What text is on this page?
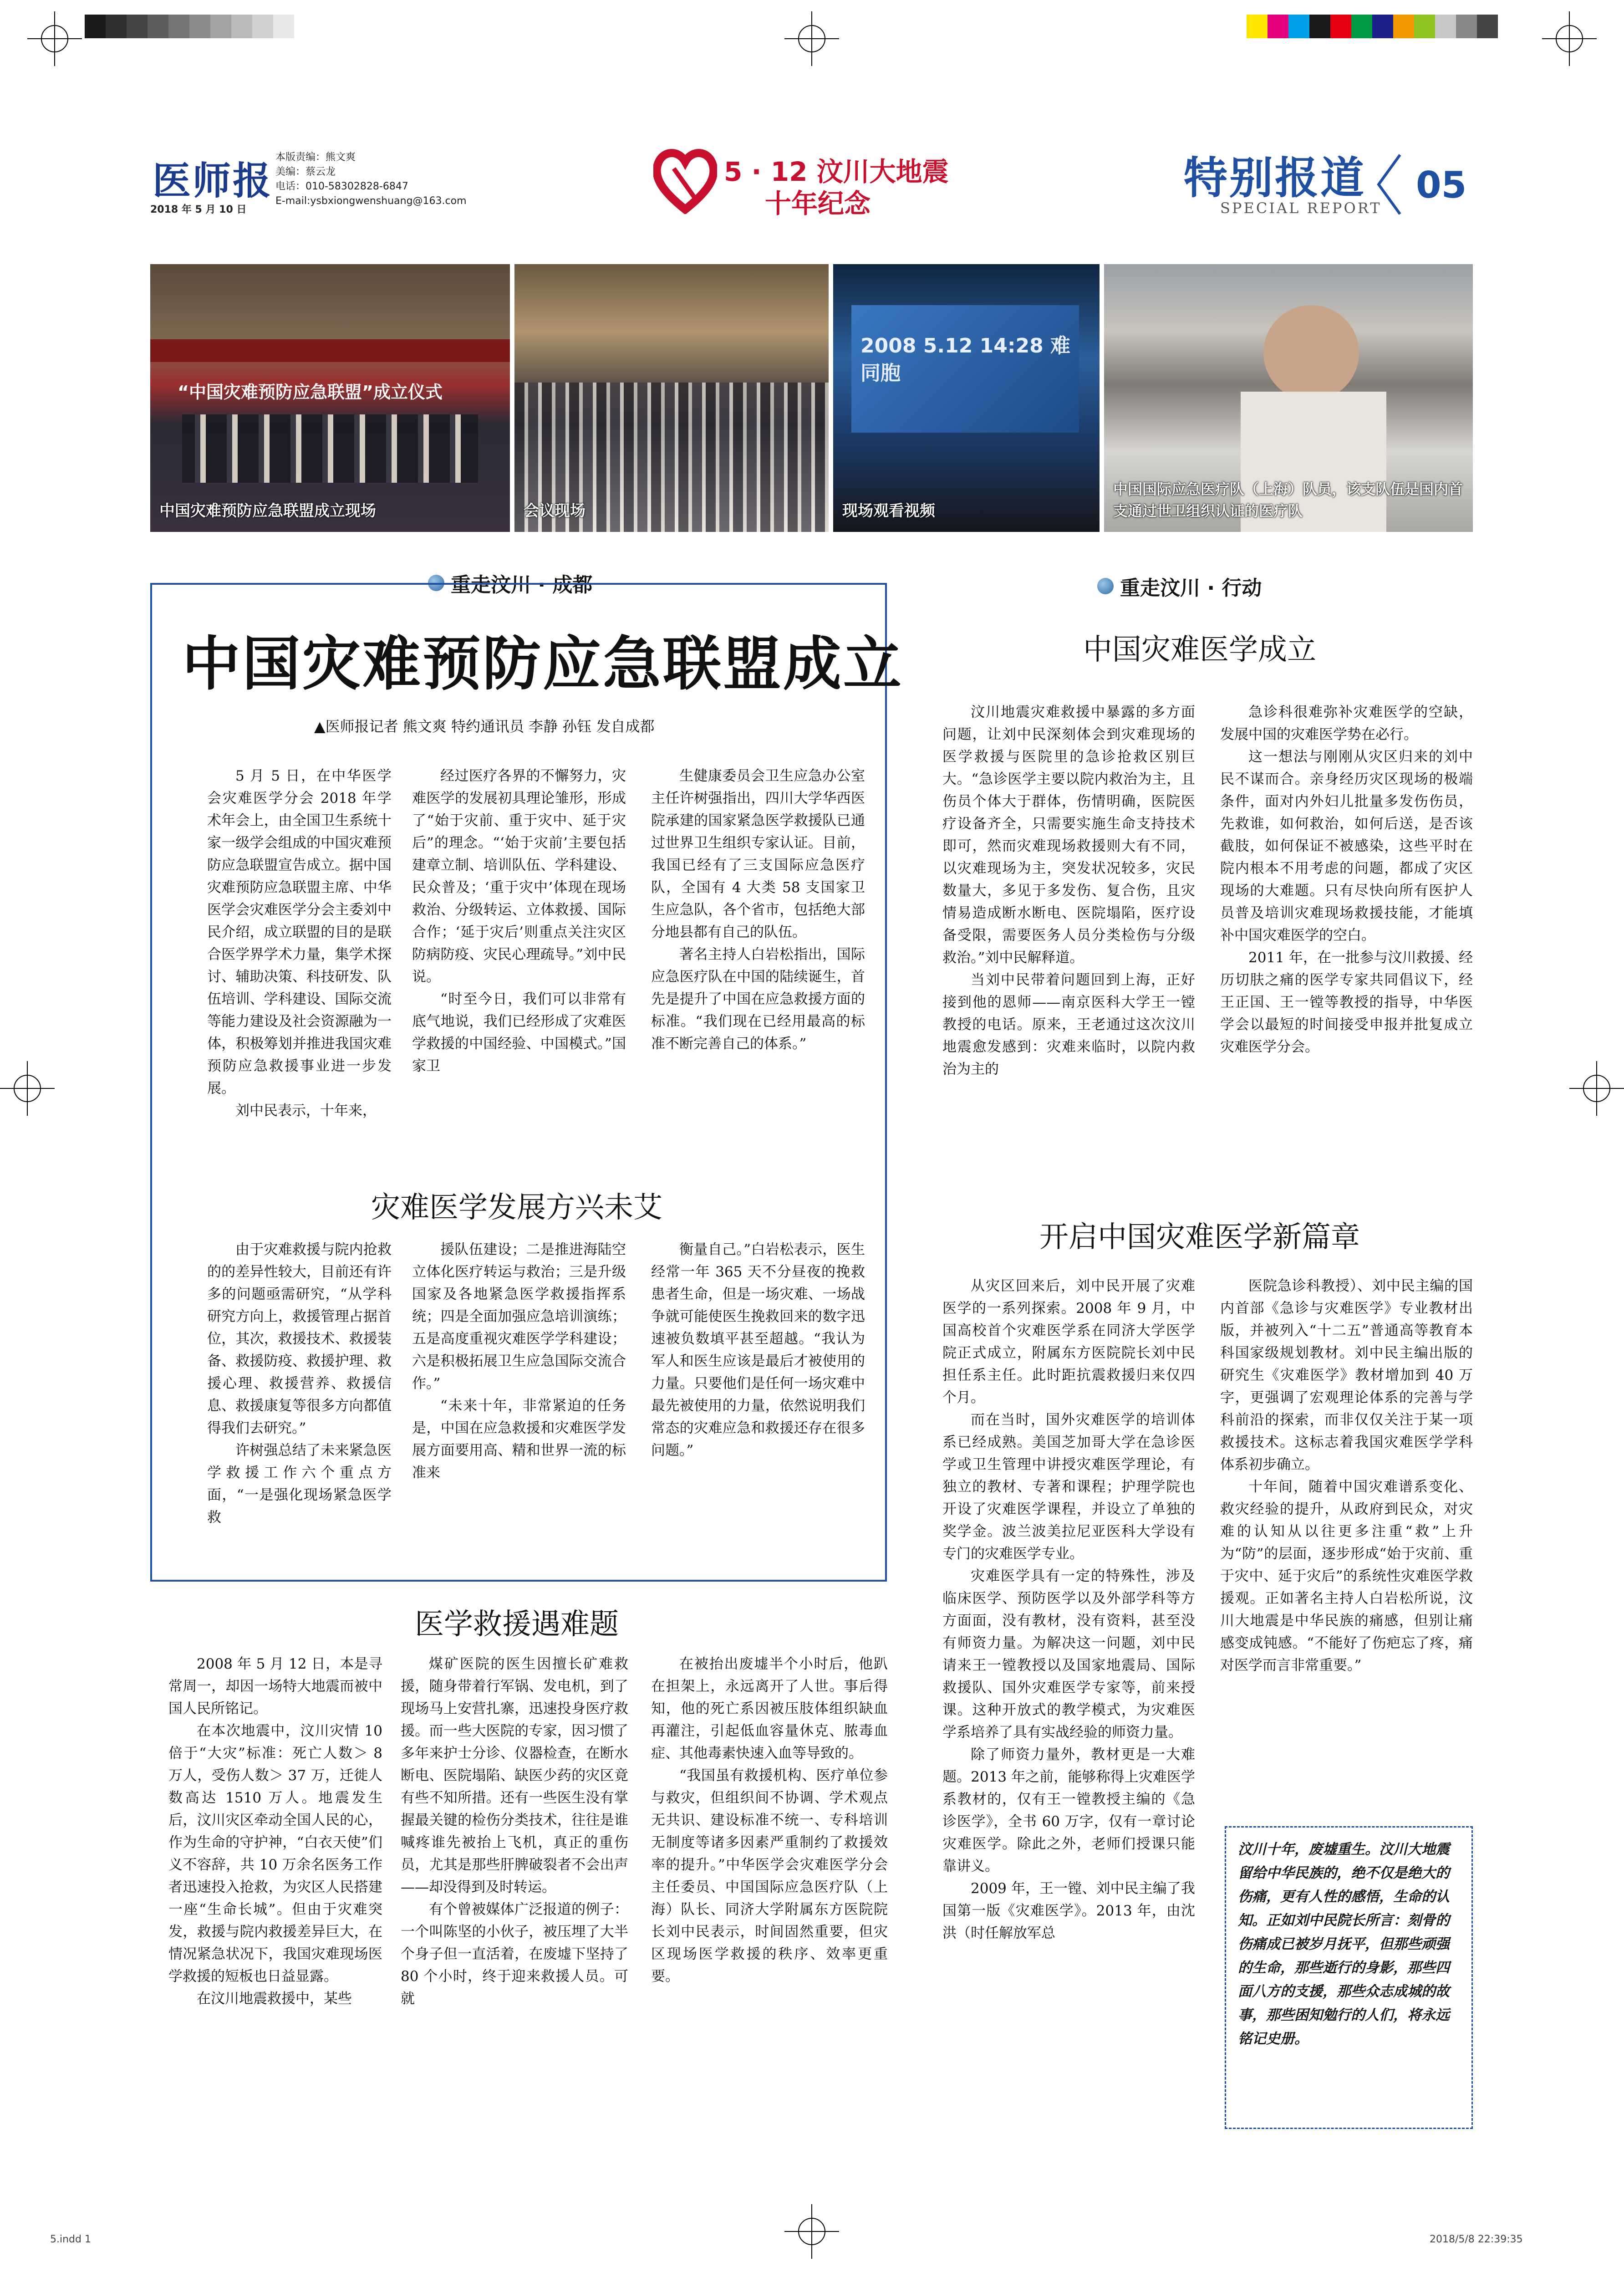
医师报
2018 年 5 月 10 日
本版责编：熊文爽
美编：蔡云龙
电话：010-58302828-6847
E-mail:ysbxiongwenshuang@163.com
5 · 12 汶川大地震
十年纪念	特别报道
SPECIAL REPORT
05
“中国灾难预防应急联盟”成立仪式
中国灾难预防应急联盟成立现场	会议现场
2008 5.12 14:28 难同胞
现场观看视频
中国国际应急医疗队（上海）队员，该支队伍是国内首支通过世卫组织认证的医疗队
重走汶川 · 成都
中国灾难预防应急联盟成立
▲医师报记者 熊文爽 特约通讯员 李静 孙钰 发自成都

5 月 5 日，在中华医学会灾难医学分会 2018 年学术年会上，由全国卫生系统十家一级学会组成的中国灾难预防应急联盟宣告成立。据中国灾难预防应急联盟主席、中华医学会灾难医学分会主委刘中民介绍，成立联盟的目的是联合医学界学术力量，集学术探讨、辅助决策、科技研发、队伍培训、学科建设、国际交流等能力建设及社会资源融为一体，积极筹划并推进我国灾难预防应急救援事业进一步发展。

刘中民表示，十年来，

经过医疗各界的不懈努力，灾难医学的发展初具理论雏形，形成了“始于灾前、重于灾中、延于灾后”的理念。“‘始于灾前’主要包括建章立制、培训队伍、学科建设、民众普及；‘重于灾中’体现在现场救治、分级转运、立体救援、国际合作；‘延于灾后’则重点关注灾区防病防疫、灾民心理疏导。”刘中民说。

“时至今日，我们可以非常有底气地说，我们已经形成了灾难医学救援的中国经验、中国模式。”国家卫

生健康委员会卫生应急办公室主任许树强指出，四川大学华西医院承建的国家紧急医学救援队已通过世界卫生组织专家认证。目前，我国已经有了三支国际应急医疗队，全国有 4 大类 58 支国家卫生应急队，各个省市，包括绝大部分地县都有自己的队伍。

著名主持人白岩松指出，国际应急医疗队在中国的陆续诞生，首先是提升了中国在应急救援方面的标准。“我们现在已经用最高的标准不断完善自己的体系。”

灾难医学发展方兴未艾

由于灾难救援与院内抢救的的差异性较大，目前还有许多的问题亟需研究，“从学科研究方向上，救援管理占据首位，其次，救援技术、救援装备、救援防疫、救援护理、救援心理、救援营养、救援信息、救援康复等很多方向都值得我们去研究。”

许树强总结了未来紧急医学救援工作六个重点方面，“一是强化现场紧急医学救

援队伍建设；二是推进海陆空立体化医疗转运与救治；三是升级国家及各地紧急医学救援指挥系统；四是全面加强应急培训演练；五是高度重视灾难医学学科建设；六是积极拓展卫生应急国际交流合作。”

“未来十年，非常紧迫的任务是，中国在应急救援和灾难医学发展方面要用高、精和世界一流的标准来

衡量自己。”白岩松表示，医生经常一年 365 天不分昼夜的挽救患者生命，但是一场灾难、一场战争就可能使医生挽救回来的数字迅速被负数填平甚至超越。“我认为军人和医生应该是最后才被使用的力量。只要他们是任何一场灾难中最先被使用的力量，依然说明我们常态的灾难应急和救援还存在很多问题。”

医学救援遇难题

2008 年 5 月 12 日，本是寻常周一，却因一场特大地震而被中国人民所铭记。

在本次地震中，汶川灾情 10 倍于“大灾”标准：死亡人数＞ 8 万人，受伤人数＞ 37 万，迁徙人数高达 1510 万人。地震发生后，汶川灾区牵动全国人民的心，作为生命的守护神，“白衣天使”们义不容辞，共 10 万余名医务工作者迅速投入抢救，为灾区人民搭建一座“生命长城”。但由于灾难突发，救援与院内救援差异巨大，在情况紧急状况下，我国灾难现场医学救援的短板也日益显露。

在汶川地震救援中，某些

煤矿医院的医生因擅长矿难救援，随身带着行军锅、发电机，到了现场马上安营扎寨，迅速投身医疗救援。而一些大医院的专家，因习惯了多年来护士分诊、仪器检查，在断水断电、医院塌陷、缺医少药的灾区竟有些不知所措。还有一些医生没有掌握最关键的检伤分类技术，往往是谁喊疼谁先被抬上飞机，真正的重伤员，尤其是那些肝脾破裂者不会出声——却没得到及时转运。

有个曾被媒体广泛报道的例子：一个叫陈坚的小伙子，被压埋了大半个身子但一直活着，在废墟下坚持了 80 个小时，终于迎来救援人员。可就

在被抬出废墟半个小时后，他趴在担架上，永远离开了人世。事后得知，他的死亡系因被压肢体组织缺血再灌注，引起低血容量休克、脓毒血症、其他毒素快速入血等导致的。

“我国虽有救援机构、医疗单位参与救灾，但组织间不协调、学术观点无共识、建设标准不统一、专科培训无制度等诸多因素严重制约了救援效率的提升。”中华医学会灾难医学分会主任委员、中国国际应急医疗队（上海）队长、同济大学附属东方医院院长刘中民表示，时间固然重要，但灾区现场医学救援的秩序、效率更重要。

重走汶川 · 行动
中国灾难医学成立

汶川地震灾难救援中暴露的多方面问题，让刘中民深刻体会到灾难现场的医学救援与医院里的急诊抢救区别巨大。“急诊医学主要以院内救治为主，且伤员个体大于群体，伤情明确，医院医疗设备齐全，只需要实施生命支持技术即可，然而灾难现场救援则大有不同，以灾难现场为主，突发状况较多，灾民数量大，多见于多发伤、复合伤，且灾情易造成断水断电、医院塌陷，医疗设备受限，需要医务人员分类检伤与分级救治。”刘中民解释道。

当刘中民带着问题回到上海，正好接到他的恩师——南京医科大学王一镗教授的电话。原来，王老通过这次汶川地震愈发感到：灾难来临时，以院内救治为主的

急诊科很难弥补灾难医学的空缺，发展中国的灾难医学势在必行。

这一想法与刚刚从灾区归来的刘中民不谋而合。亲身经历灾区现场的极端条件，面对内外妇儿批量多发伤伤员，先救谁，如何救治，如何后送，是否该截肢，如何保证不被感染，这些平时在院内根本不用考虑的问题，都成了灾区现场的大难题。只有尽快向所有医护人员普及培训灾难现场救援技能，才能填补中国灾难医学的空白。

2011 年，在一批参与汶川救援、经历切肤之痛的医学专家共同倡议下，经王正国、王一镗等教授的指导，中华医学会以最短的时间接受申报并批复成立灾难医学分会。

开启中国灾难医学新篇章

从灾区回来后，刘中民开展了灾难医学的一系列探索。2008 年 9 月，中国高校首个灾难医学系在同济大学医学院正式成立，附属东方医院院长刘中民担任系主任。此时距抗震救援归来仅四个月。

而在当时，国外灾难医学的培训体系已经成熟。美国芝加哥大学在急诊医学或卫生管理中讲授灾难医学理论，有独立的教材、专著和课程；护理学院也开设了灾难医学课程，并设立了单独的奖学金。波兰波美拉尼亚医科大学设有专门的灾难医学专业。

灾难医学具有一定的特殊性，涉及临床医学、预防医学以及外部学科等方方面面，没有教材，没有资料，甚至没有师资力量。为解决这一问题，刘中民请来王一镗教授以及国家地震局、国际救援队、国外灾难医学专家等，前来授课。这种开放式的教学模式，为灾难医学系培养了具有实战经验的师资力量。

除了师资力量外，教材更是一大难题。2013 年之前，能够称得上灾难医学系教材的，仅有王一镗教授主编的《急诊医学》，全书 60 万字，仅有一章讨论灾难医学。除此之外，老师们授课只能靠讲义。

2009 年，王一镗、刘中民主编了我国第一版《灾难医学》。2013 年，由沈洪（时任解放军总

医院急诊科教授）、刘中民主编的国内首部《急诊与灾难医学》专业教材出版，并被列入“十二五”普通高等教育本科国家级规划教材。刘中民主编出版的研究生《灾难医学》教材增加到 40 万字，更强调了宏观理论体系的完善与学科前沿的探索，而非仅仅关注于某一项救援技术。这标志着我国灾难医学学科体系初步确立。

十年间，随着中国灾难谱系变化、救灾经验的提升，从政府到民众，对灾难的认知从以往更多注重“救”上升为“防”的层面，逐步形成“始于灾前、重于灾中、延于灾后”的系统性灾难医学救援观。正如著名主持人白岩松所说，汶川大地震是中华民族的痛感，但别让痛感变成钝感。“不能好了伤疤忘了疼，痛对医学而言非常重要。”

汶川十年，废墟重生。汶川大地震留给中华民族的，绝不仅是绝大的伤痛，更有人性的感悟，生命的认知。正如刘中民院长所言：刻骨的伤痛成已被岁月抚平，但那些顽强的生命，那些逝行的身影，那些四面八方的支援，那些众志成城的故事，那些困知勉行的人们，将永远铭记史册。
5.indd 1	2018/5/8 22:39:35
